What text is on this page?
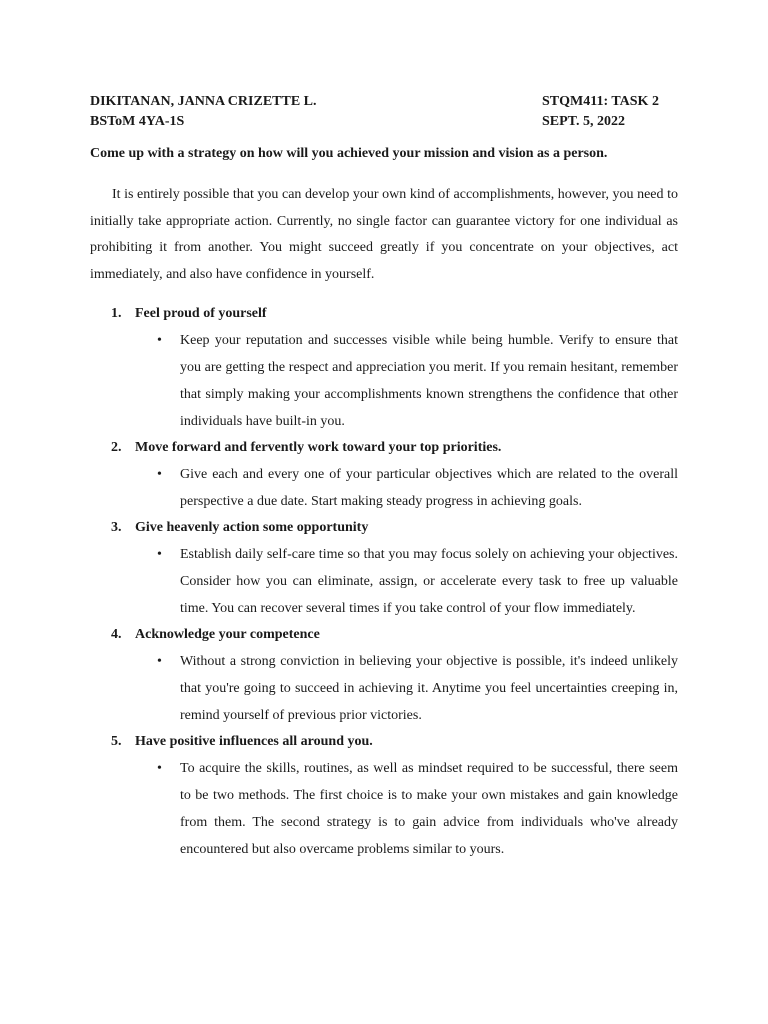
DIKITANAN, JANNA CRIZETTE L.
BSToM 4YA-1S
STQM411: TASK 2
SEPT. 5, 2022
Come up with a strategy on how will you achieved your mission and vision as a person.

It is entirely possible that you can develop your own kind of accomplishments, however, you need to initially take appropriate action. Currently, no single factor can guarantee victory for one individual as prohibiting it from another. You might succeed greatly if you concentrate on your objectives, act immediately, and also have confidence in yourself.

1. Feel proud of yourself
•	Keep your reputation and successes visible while being humble. Verify to ensure that you are getting the respect and appreciation you merit. If you remain hesitant, remember that simply making your accomplishments known strengthens the confidence that other individuals have built-in you.

2. Move forward and fervently work toward your top priorities.
•	Give each and every one of your particular objectives which are related to the overall perspective a due date. Start making steady progress in achieving goals.

3. Give heavenly action some opportunity
•	Establish daily self-care time so that you may focus solely on achieving your objectives. Consider how you can eliminate, assign, or accelerate every task to free up valuable time. You can recover several times if you take control of your flow immediately.

4. Acknowledge your competence
•	Without a strong conviction in believing your objective is possible, it's indeed unlikely that you're going to succeed in achieving it. Anytime you feel uncertainties creeping in, remind yourself of previous prior victories.

5. Have positive influences all around you.
•	To acquire the skills, routines, as well as mindset required to be successful, there seem to be two methods. The first choice is to make your own mistakes and gain knowledge from them. The second strategy is to gain advice from individuals who've already encountered but also overcame problems similar to yours.
